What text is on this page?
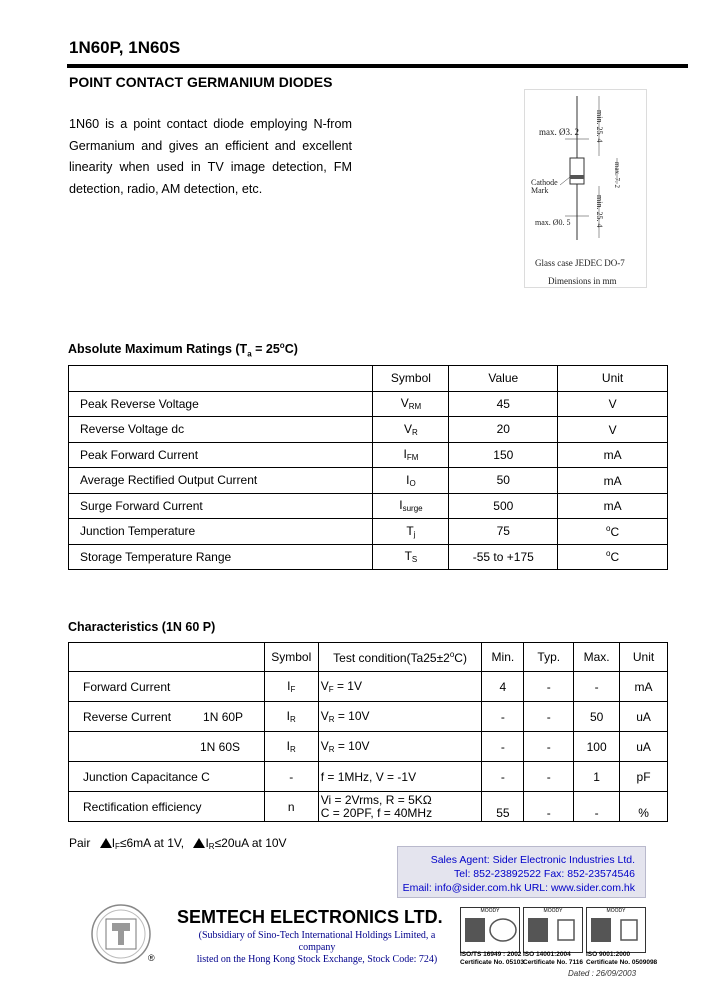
1N60P, 1N60S
POINT CONTACT GERMANIUM DIODES
1N60 is a point contact diode employing N-from Germanium and gives an efficient and excellent linearity when used in TV image detection, FM detection, radio, AM detection, etc.
max. Ø3. 2 min. 25. 4
max. 7. 2
Cathode
Mark
max. Ø0. 5	min. 25. 4
Glass case JEDEC DO-7
Dimensions in mm
Absolute Maximum Ratings $(T_a = 25^oC)$
	Symbol	Value	Unit
Peak Reverse Voltage	VRM	45	V
Reverse Voltage dc	VR	20	V
Peak Forward Current	IFM	150	mA
Average Rectified Output Current	IO	50	mA
Surge Forward Current	Isurge	500	mA
Junction Temperature	Tj	75	$^o$C
Storage Temperature Range	TS	-55 to +175	$^o$C
Characteristics (1N 60 P)
	Symbol	Test $condition(Ta25\pm 2^oC)$	Min.	Typ.	Max.	Unit
Forward Current	IF	VF = 1V	4	-	-	mA
Reverse Current 1N 60P	IR	VR = 10V	-	-	50	uA
1N 60S	IR	VR = 10V	-	-	100	uA
Junction Capacitance C	-	f = 1MHz, V = -1V	-	-	1	pF
Rectification efficiency	n	Vi = 2Vrms, R = 5KΩ
C = 20PF, f = 40MHz	55	-	-	%
Pair IF≤6mA at 1V, IR≤20uA at 10V
Sales Agent: Sider Electronic Industries Ltd.
Tel: 852-23892522 Fax: 852-23574546
Email: info@sider.com.hk URL: www.sider.com.hk
®
SEMTECH ELECTRONICS LTD.
(Subsidiary of Sino-Tech International Holdings Limited, a company
listed on the Hong Kong Stock Exchange, Stock Code: 724)
MOODY
ISO/TS 16949 : 2002
Certificate No. 05103
MOODY
ISO 14001:2004
Certificate No. 7116
MOODY
ISO 9001:2000
Certificate No. 0509098
Dated : 26/09/2003
